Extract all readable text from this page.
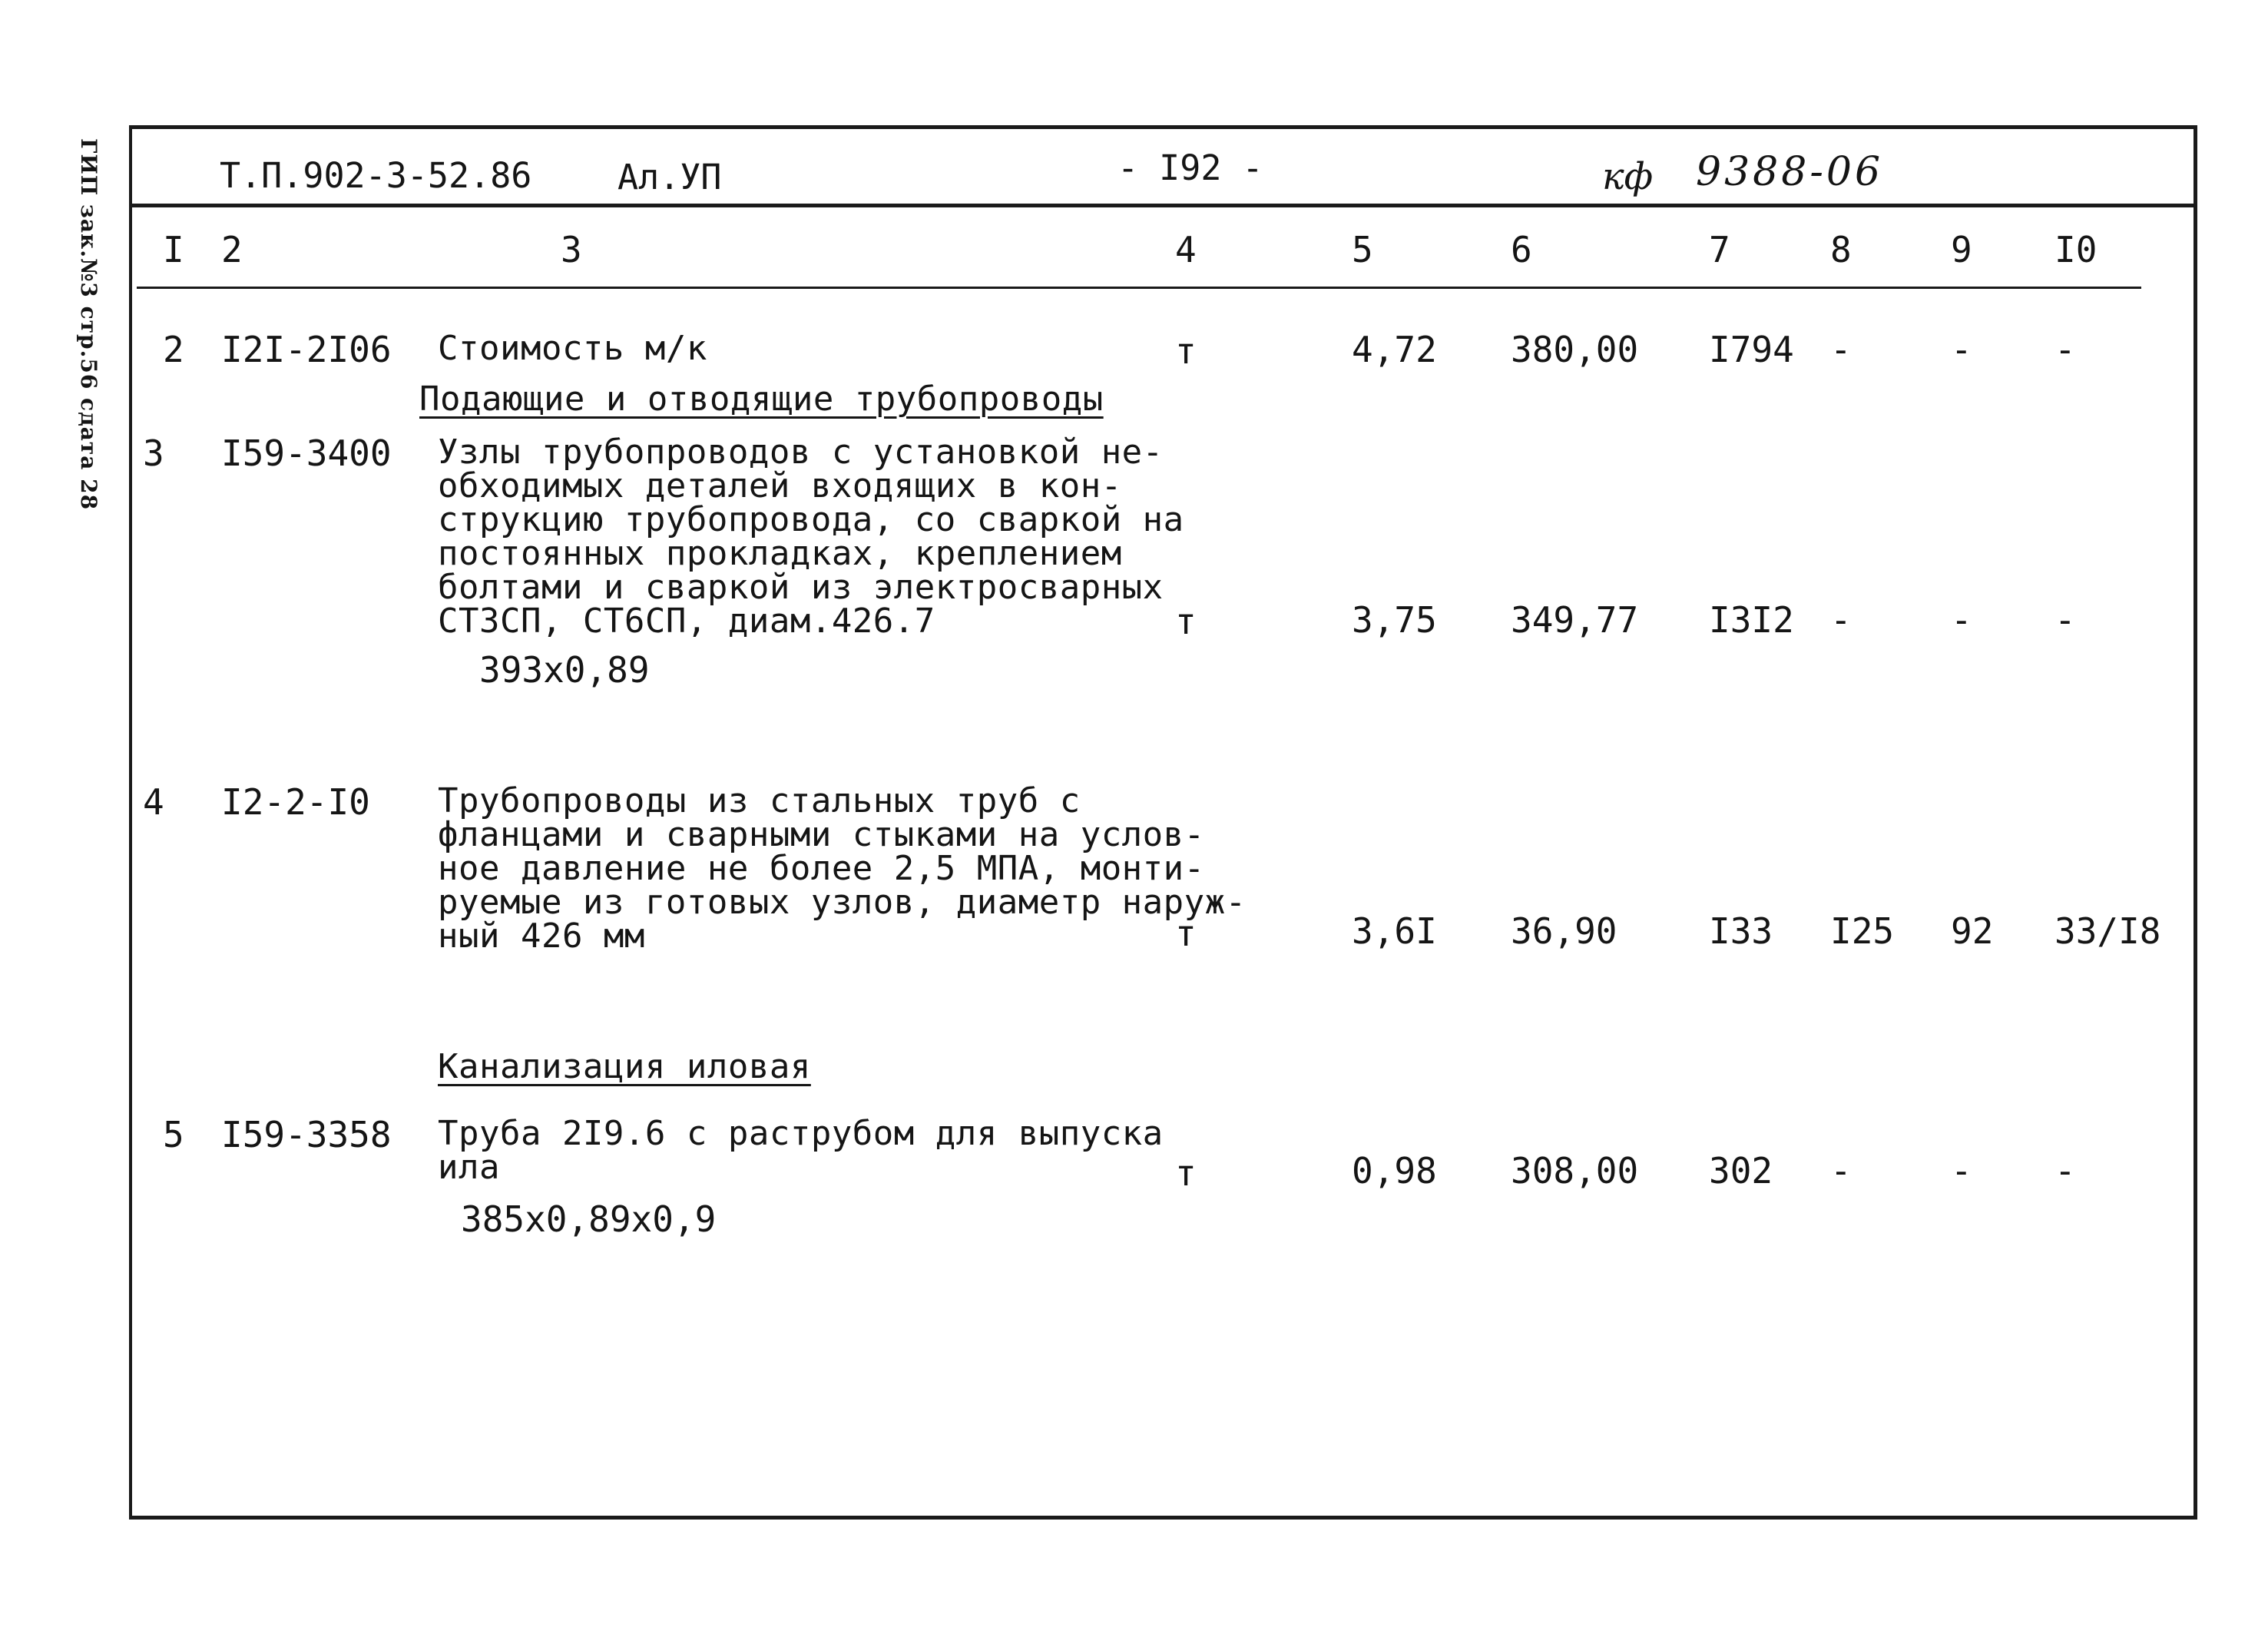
ГИП зак.№3 стр.56 сдата 28	Т.П.902-3-52.86 Ал.УП	- I92 -	кф 9388-06
I 2	3	4	5	6	7	8	9 I0
2 I2I-2I06 Стоимость м/к	т	4,72 380,00 I794 -	- -
Подающие и отводящие трубопроводы
3 I59-3400 Узлы трубопроводов с установкой не-
обходимых деталей входящих в кон-
струкцию трубопровода, со сваркой на
постоянных прокладках, креплением
болтами и сваркой из электросварных
СТ3СП, СТ6СП, диам.426.7
393х0,89
т	3,75 349,77 I3I2 -	- -
4 I2-2-I0 Трубопроводы из стальных труб с
фланцами и сварными стыками на услов-
ное давление не более 2,5 МПА, монти-
руемые из готовых узлов, диаметр наруж-
ный 426 мм	т	3,6I 36,90	I33 I25 92 33/I8
Канализация иловая
5 I59-3358 Труба 2I9.6 с раструбом для выпуска
ила
385х0,89х0,9
т	0,98 308,00 302 -	- -
